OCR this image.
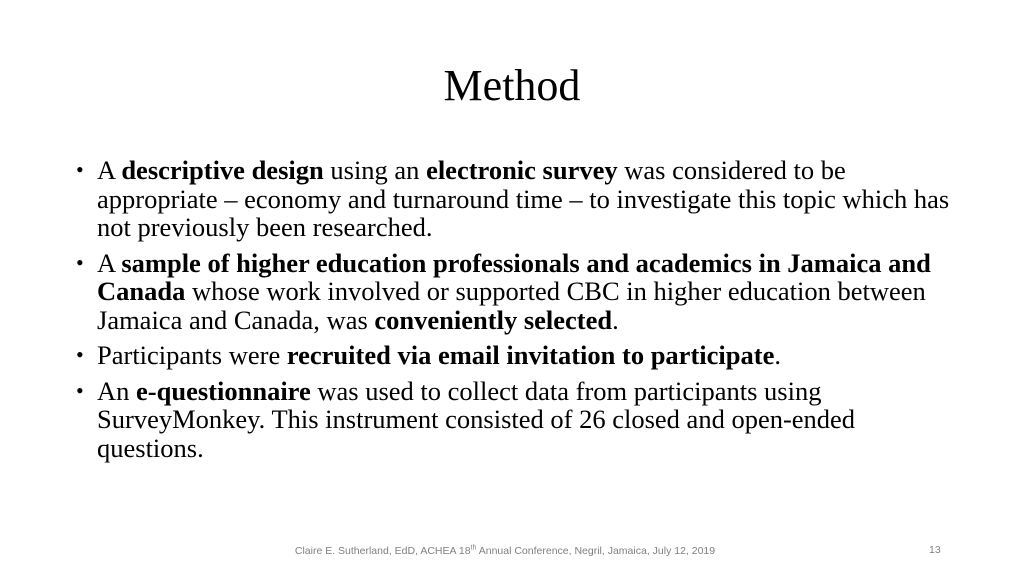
Method
• A descriptive design using an electronic survey was considered to be appropriate – economy and turnaround time – to investigate this topic which has not previously been researched.
• A sample of higher education professionals and academics in Jamaica and Canada whose work involved or supported CBC in higher education between Jamaica and Canada, was conveniently selected.
• Participants were recruited via email invitation to participate.
• An e-questionnaire was used to collect data from participants using SurveyMonkey. This instrument consisted of 26 closed and open-ended questions.
Claire E. Sutherland, EdD, ACHEA 18th Annual Conference, Negril, Jamaica, July 12, 2019	13
